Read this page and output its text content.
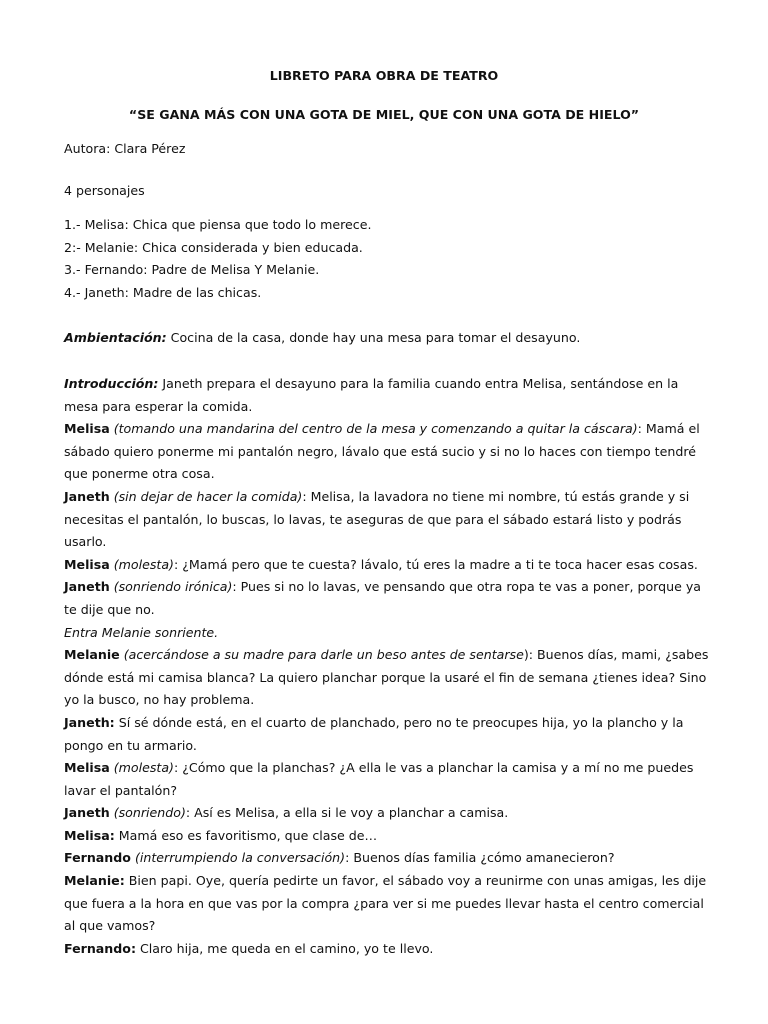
LIBRETO PARA OBRA DE TEATRO
“SE GANA MÁS CON UNA GOTA DE MIEL, QUE CON UNA GOTA DE HIELO”

Autora: Clara Pérez

4 personajes

1.- Melisa: Chica que piensa que todo lo merece.

2:- Melanie: Chica considerada y bien educada.

3.- Fernando: Padre de Melisa Y Melanie.

4.- Janeth: Madre de las chicas.

Ambientación: Cocina de la casa, donde hay una mesa para tomar el desayuno.

Introducción: Janeth prepara el desayuno para la familia cuando entra Melisa, sentándose en la mesa para esperar la comida.

Melisa (tomando una mandarina del centro de la mesa y comenzando a quitar la cáscara): Mamá el sábado quiero ponerme mi pantalón negro, lávalo que está sucio y si no lo haces con tiempo tendré que ponerme otra cosa.

Janeth (sin dejar de hacer la comida): Melisa, la lavadora no tiene mi nombre, tú estás grande y si necesitas el pantalón, lo buscas, lo lavas, te aseguras de que para el sábado estará listo y podrás usarlo.

Melisa (molesta): ¿Mamá pero que te cuesta? lávalo, tú eres la madre a ti te toca hacer esas cosas.

Janeth (sonriendo irónica): Pues si no lo lavas, ve pensando que otra ropa te vas a poner, porque ya te dije que no.

Entra Melanie sonriente.

Melanie (acercándose a su madre para darle un beso antes de sentarse): Buenos días, mami, ¿sabes dónde está mi camisa blanca? La quiero planchar porque la usaré el fin de semana ¿tienes idea? Sino yo la busco, no hay problema.

Janeth: Sí sé dónde está, en el cuarto de planchado, pero no te preocupes hija, yo la plancho y la pongo en tu armario.

Melisa (molesta): ¿Cómo que la planchas? ¿A ella le vas a planchar la camisa y a mí no me puedes lavar el pantalón?

Janeth (sonriendo): Así es Melisa, a ella si le voy a planchar a camisa.

Melisa: Mamá eso es favoritismo, que clase de…

Fernando (interrumpiendo la conversación): Buenos días familia ¿cómo amanecieron?

Melanie: Bien papi. Oye, quería pedirte un favor, el sábado voy a reunirme con unas amigas, les dije que fuera a la hora en que vas por la compra ¿para ver si me puedes llevar hasta el centro comercial al que vamos?

Fernando: Claro hija, me queda en el camino, yo te llevo.
